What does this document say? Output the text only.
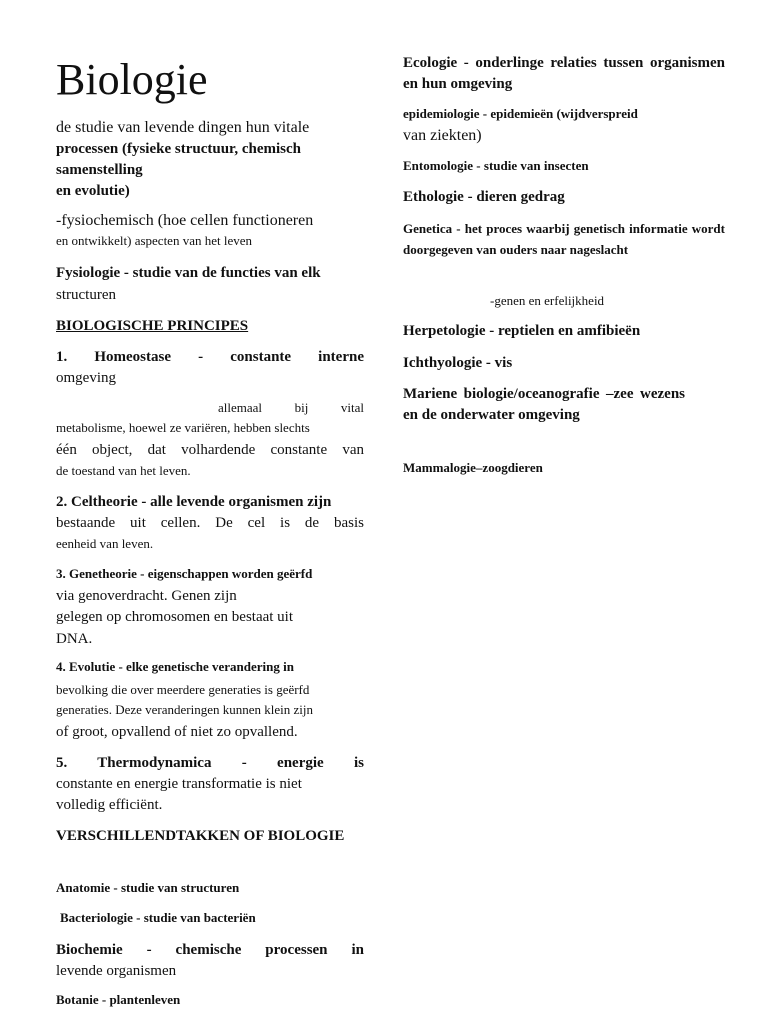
Biologie

de studie van levende dingen hun vitale

processen (fysieke structuur, chemisch samenstelling

en evolutie)

-fysiochemisch (hoe cellen functioneren

en ontwikkelt) aspecten van het leven

Fysiologie - studie van de functies van elk

structuren

BIOLOGISCHE PRINCIPES

1. Homeostase - constante interne

omgeving

allemaal bij vital

metabolisme, hoewel ze variëren, hebben slechts

één object, dat volhardende constante van

de toestand van het leven.

2. Celtheorie - alle levende organismen zijn

bestaande uit cellen. De cel is de basis

eenheid van leven.

3. Genetheorie - eigenschappen worden geërfd

via genoverdracht. Genen zijn

gelegen op chromosomen en bestaat uit

DNA.

4. Evolutie - elke genetische verandering in

bevolking die over meerdere generaties is geërfd

generaties. Deze veranderingen kunnen klein zijn

of groot, opvallend of niet zo opvallend.

5. Thermodynamica - energie is

constante en energie transformatie is niet

volledig efficiënt.

VERSCHILLENDTAKKEN OF BIOLOGIE

Anatomie - studie van structuren

Bacteriologie - studie van bacteriën

Biochemie - chemische processen in

levende organismen

Botanie - plantenleven

Ecologie - onderlinge relaties tussen organismen en hun omgeving

epidemiologie - epidemieën (wijdverspreid

van ziekten)

Entomologie - studie van insecten

Ethologie - dieren gedrag

Genetica - het proces waarbij genetisch informatie wordt doorgegeven van ouders naar nageslacht

-genen en erfelijkheid

Herpetologie - reptielen en amfibieën

Ichthyologie - vis

Mariene biologie/oceanografie –zee wezens en de onderwater omgeving

Mammalogie–zoogdieren
